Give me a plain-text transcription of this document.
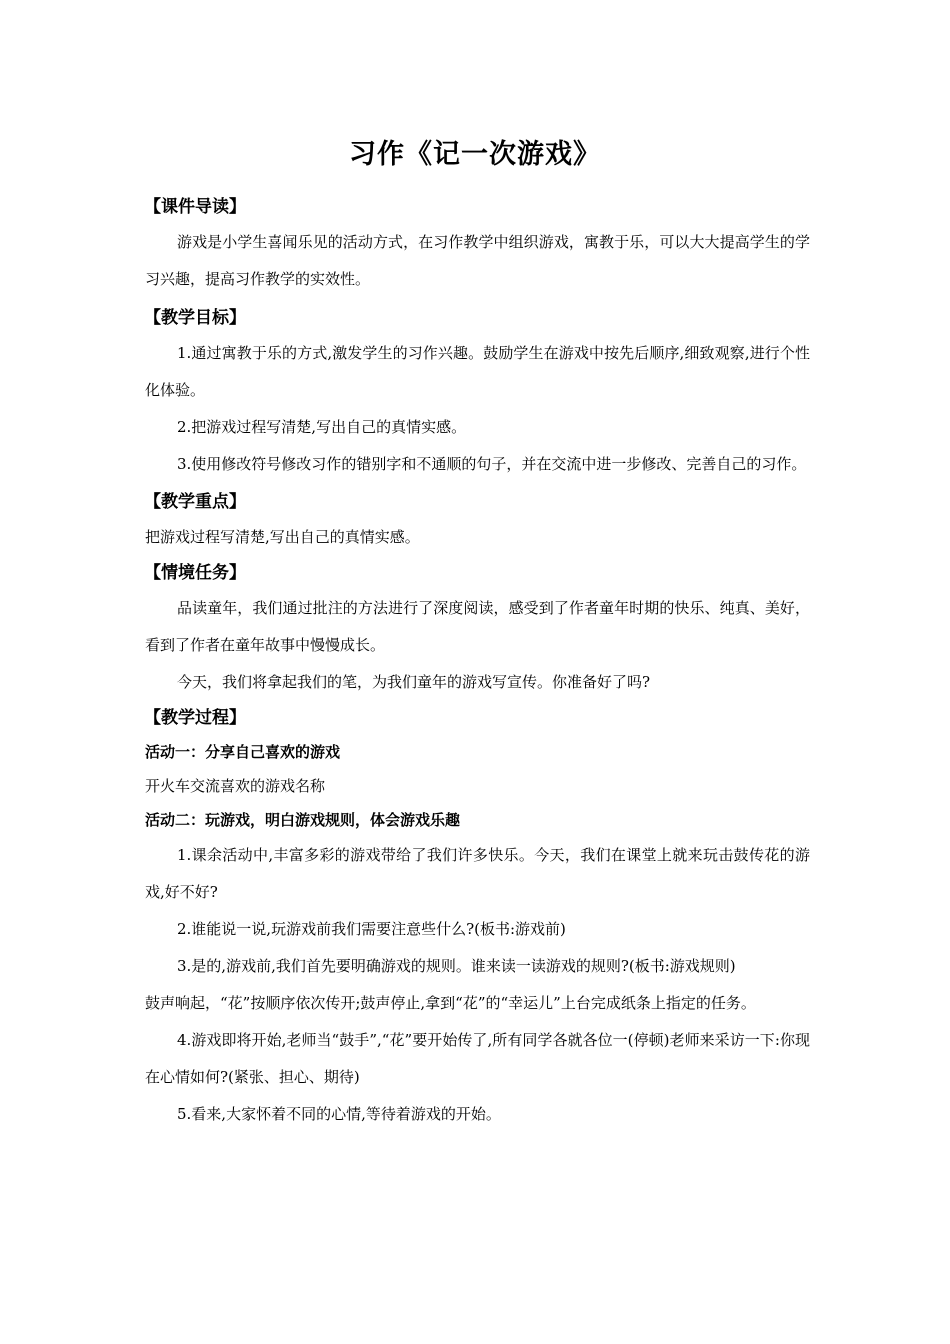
习作《记一次游戏》
【课件导读】

游戏是小学生喜闻乐见的活动方式，在习作教学中组织游戏，寓教于乐，可以大大提高学生的学习兴趣，提高习作教学的实效性。

【教学目标】

1.通过寓教于乐的方式,激发学生的习作兴趣。鼓励学生在游戏中按先后顺序,细致观察,进行个性化体验。

2.把游戏过程写清楚,写出自己的真情实感。

3.使用修改符号修改习作的错别字和不通顺的句子，并在交流中进一步修改、完善自己的习作。

【教学重点】

把游戏过程写清楚,写出自己的真情实感。

【情境任务】

品读童年，我们通过批注的方法进行了深度阅读，感受到了作者童年时期的快乐、纯真、美好，看到了作者在童年故事中慢慢成长。

今天，我们将拿起我们的笔，为我们童年的游戏写宣传。你准备好了吗?

【教学过程】
活动一：分享自己喜欢的游戏

开火车交流喜欢的游戏名称

活动二：玩游戏，明白游戏规则，体会游戏乐趣

1.课余活动中,丰富多彩的游戏带给了我们许多快乐。今天，我们在课堂上就来玩击鼓传花的游戏,好不好?

2.谁能说一说,玩游戏前我们需要注意些什么?(板书:游戏前)

3.是的,游戏前,我们首先要明确游戏的规则。谁来读一读游戏的规则?(板书:游戏规则)

鼓声响起，“花”按顺序依次传开;鼓声停止,拿到“花”的“幸运儿”上台完成纸条上指定的任务。

4.游戏即将开始,老师当“鼓手”,“花”要开始传了,所有同学各就各位一(停顿)老师来采访一下:你现在心情如何?(紧张、担心、期待)

5.看来,大家怀着不同的心情,等待着游戏的开始。
